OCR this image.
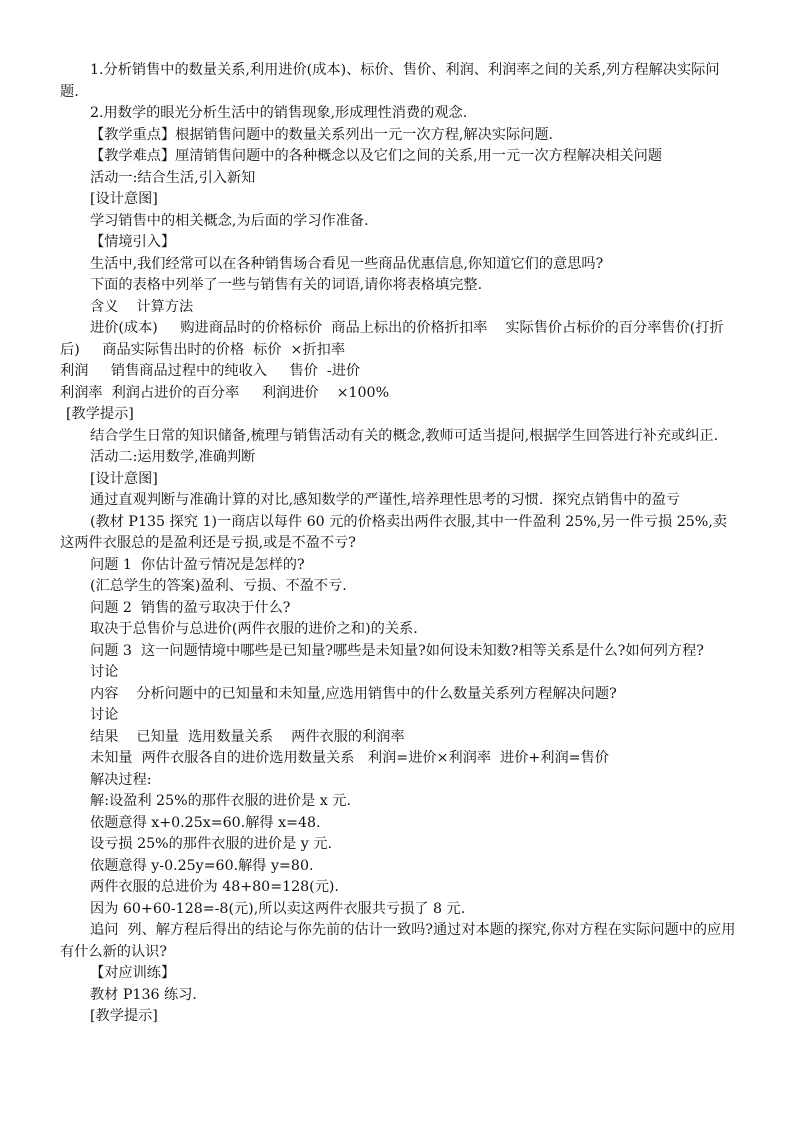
1.分析销售中的数量关系,利用进价(成本)、标价、售价、利润、利润率之间的关系,列方程解决实际问题.

2.用数学的眼光分析生活中的销售现象,形成理性消费的观念.

【教学重点】根据销售问题中的数量关系列出一元一次方程,解决实际问题.

【教学难点】厘清销售问题中的各种概念以及它们之间的关系,用一元一次方程解决相关问题

活动一:结合生活,引入新知

[设计意图]

学习销售中的相关概念,为后面的学习作准备.

【情境引入】

生活中,我们经常可以在各种销售场合看见一些商品优惠信息,你知道它们的意思吗?

下面的表格中列举了一些与销售有关的词语,请你将表格填完整.

含义    计算方法

进价(成本)     购进商品时的价格标价  商品上标出的价格折扣率    实际售价占标价的百分率售价(打折后)     商品实际售出时的价格  标价  ×折扣率

利润     销售商品过程中的纯收入     售价  -进价

利润率  利润占进价的百分率     利润进价    ×100%

[教学提示]

结合学生日常的知识储备,梳理与销售活动有关的概念,教师可适当提问,根据学生回答进行补充或纠正.

活动二:运用数学,准确判断

[设计意图]

通过直观判断与准确计算的对比,感知数学的严谨性,培养理性思考的习惯.  探究点销售中的盈亏

(教材 P135 探究 1)一商店以每件 60 元的价格卖出两件衣服,其中一件盈利 25%,另一件亏损 25%,卖这两件衣服总的是盈利还是亏损,或是不盈不亏?

问题 1  你估计盈亏情况是怎样的?

(汇总学生的答案)盈利、亏损、不盈不亏.

问题 2  销售的盈亏取决于什么?

取决于总售价与总进价(两件衣服的进价之和)的关系.

问题 3  这一问题情境中哪些是已知量?哪些是未知量?如何设未知数?相等关系是什么?如何列方程?

讨论

内容    分析问题中的已知量和未知量,应选用销售中的什么数量关系列方程解决问题?

讨论

结果    已知量  选用数量关系    两件衣服的利润率

未知量  两件衣服各自的进价选用数量关系   利润=进价×利润率  进价+利润=售价

解决过程:

解:设盈利 25%的那件衣服的进价是 x 元.

依题意得 x+0.25x=60.解得 x=48.

设亏损 25%的那件衣服的进价是 y 元.

依题意得 y-0.25y=60.解得 y=80.

两件衣服的总进价为 48+80=128(元).

因为 60+60-128=-8(元),所以卖这两件衣服共亏损了 8 元.

追问  列、解方程后得出的结论与你先前的估计一致吗?通过对本题的探究,你对方程在实际问题中的应用有什么新的认识?

【对应训练】

教材 P136 练习.

[教学提示]
